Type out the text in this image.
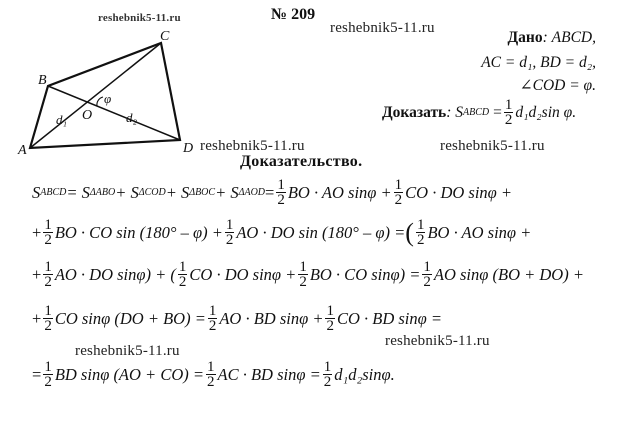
reshebnik5-11.ru
reshebnik5-11.ru
reshebnik5-11.ru	reshebnik5-11.ru
reshebnik5-11.ru
reshebnik5-11.ru
№ 209
Дано: ABCD,
AC = d₁, BD = d₂,
∠COD = φ.
Доказать : S ABCD = $\frac{1}{2} d_1d_2\sin$ φ.
A
B
C
D
O
d₁	d₂
φ
Доказательство.
S ABCD = S ΔABO + S ΔCOD + S ΔBOC + S $\Delta AOD = \frac{1}{2}$ BO · AO $\sin\varphi + \frac{1}{2}$ CO · DO sinφ +
+ $\frac{1}{2}$ BO · CO $\sin (180^\circ - \varphi) + \frac{1}{2}$ AO · DO sin (180° – φ) = ( $\frac{1}{2}$ BO · AO sinφ +
+ $\frac{1}{2}$ AO · DO sinφ) + ( $\frac{1}{2}$ CO · DO $\sin\varphi + \frac{1}{2}$ BO · CO $\sin\varphi) = \frac{1}{2}$ AO sinφ (BO + DO) +
+ $\frac{1}{2}$ CO sinφ $(DO + BO) = \frac{1}{2}$ AO · BD $\sin\varphi + \frac{1}{2}$ CO · BD sinφ =
= $\frac{1}{2}$ BD sinφ $(AO + CO) = \frac{1}{2}$ AC · BD $\sin\varphi = \frac{1}{2} d_1d_2\sin\varphi$.
